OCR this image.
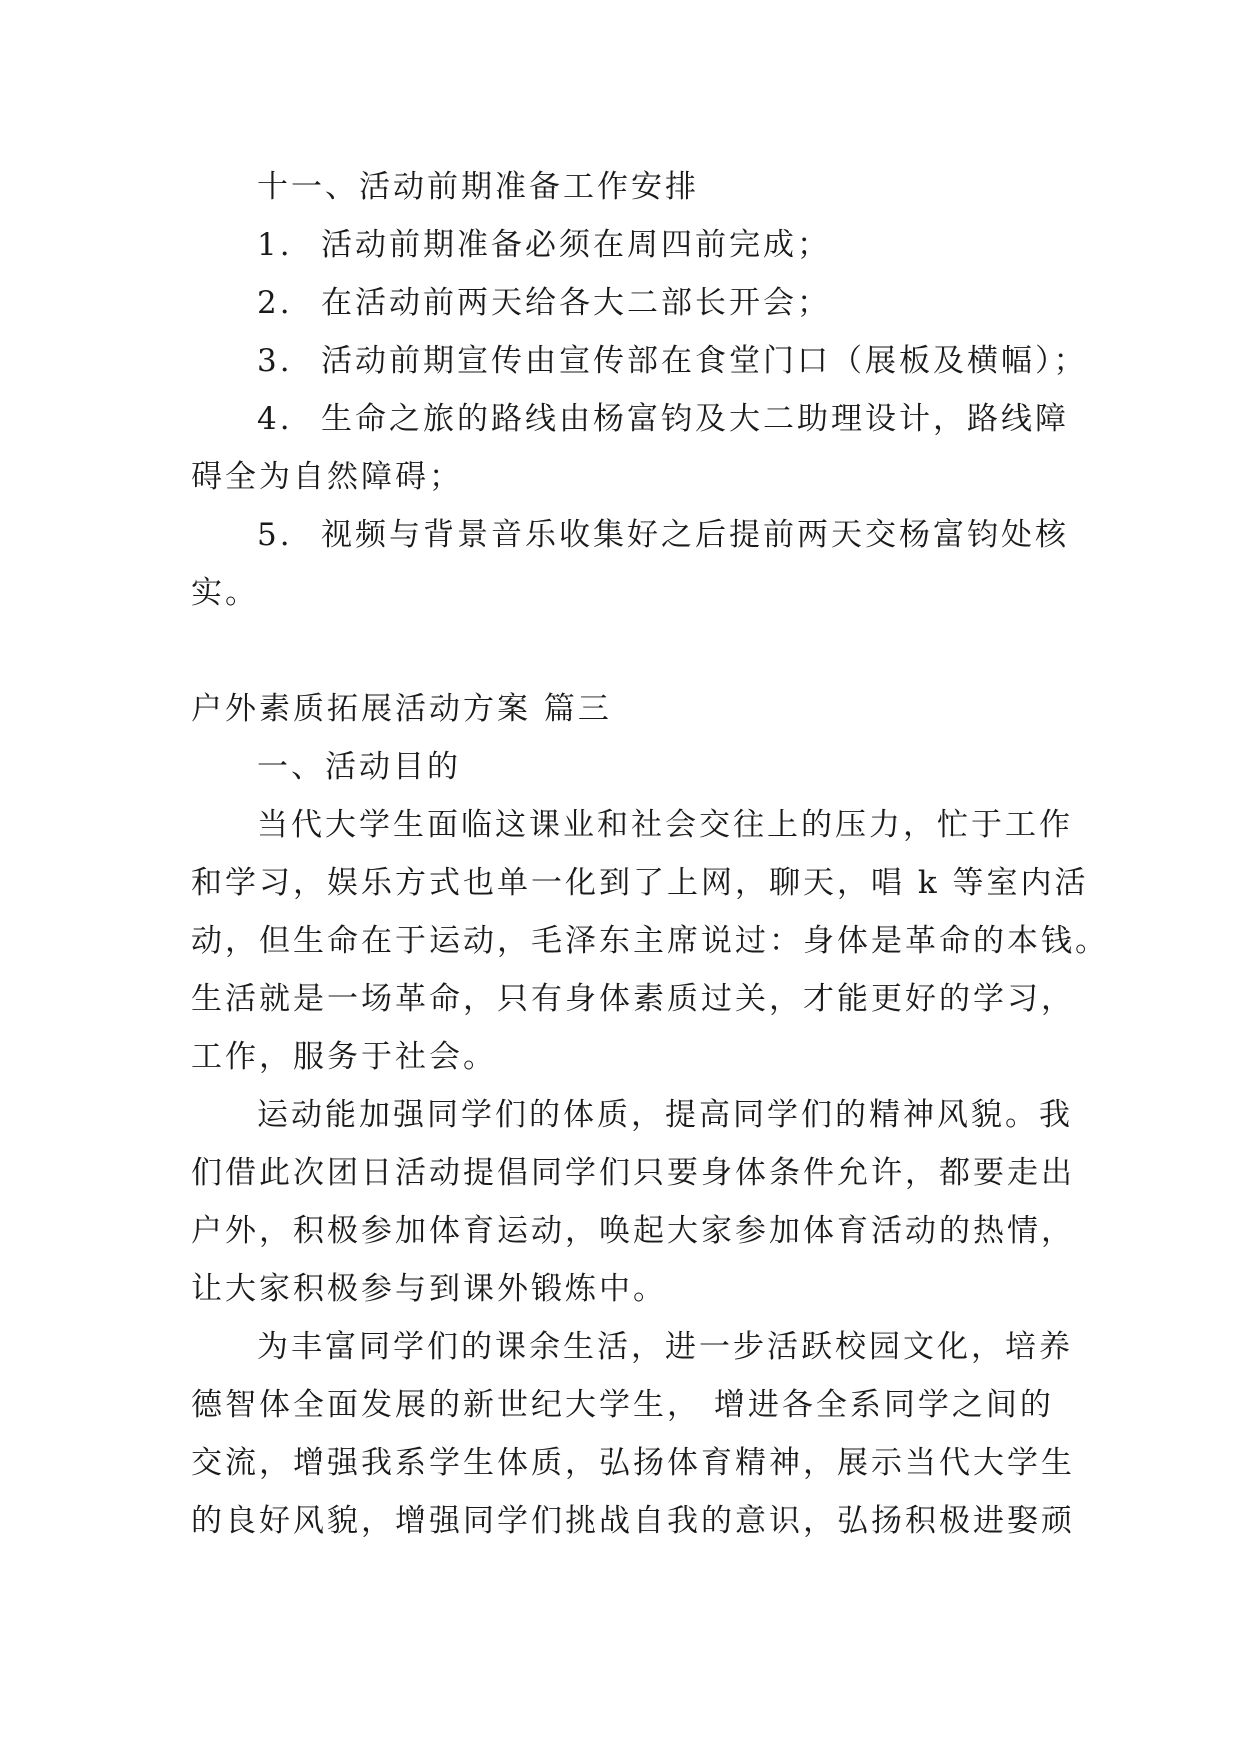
十一、活动前期准备工作安排
1. 活动前期准备必须在周四前完成；
2. 在活动前两天给各大二部长开会；
3. 活动前期宣传由宣传部在食堂门口（展板及横幅）；
4. 生命之旅的路线由杨富钧及大二助理设计，路线障
碍全为自然障碍；
5. 视频与背景音乐收集好之后提前两天交杨富钧处核
实。
户外素质拓展活动方案 篇三
一、活动目的
当代大学生面临这课业和社会交往上的压力，忙于工作
和学习，娱乐方式也单一化到了上网，聊天，唱 k 等室内活
动，但生命在于运动，毛泽东主席说过：身体是革命的本钱。
生活就是一场革命，只有身体素质过关，才能更好的学习，
工作，服务于社会。
运动能加强同学们的体质，提高同学们的精神风貌。我
们借此次团日活动提倡同学们只要身体条件允许，都要走出
户外，积极参加体育运动，唤起大家参加体育活动的热情，
让大家积极参与到课外锻炼中。
为丰富同学们的课余生活，进一步活跃校园文化，培养
德智体全面发展的新世纪大学生， 增进各全系同学之间的
交流，增强我系学生体质，弘扬体育精神，展示当代大学生
的良好风貌，增强同学们挑战自我的意识，弘扬积极进娶顽
